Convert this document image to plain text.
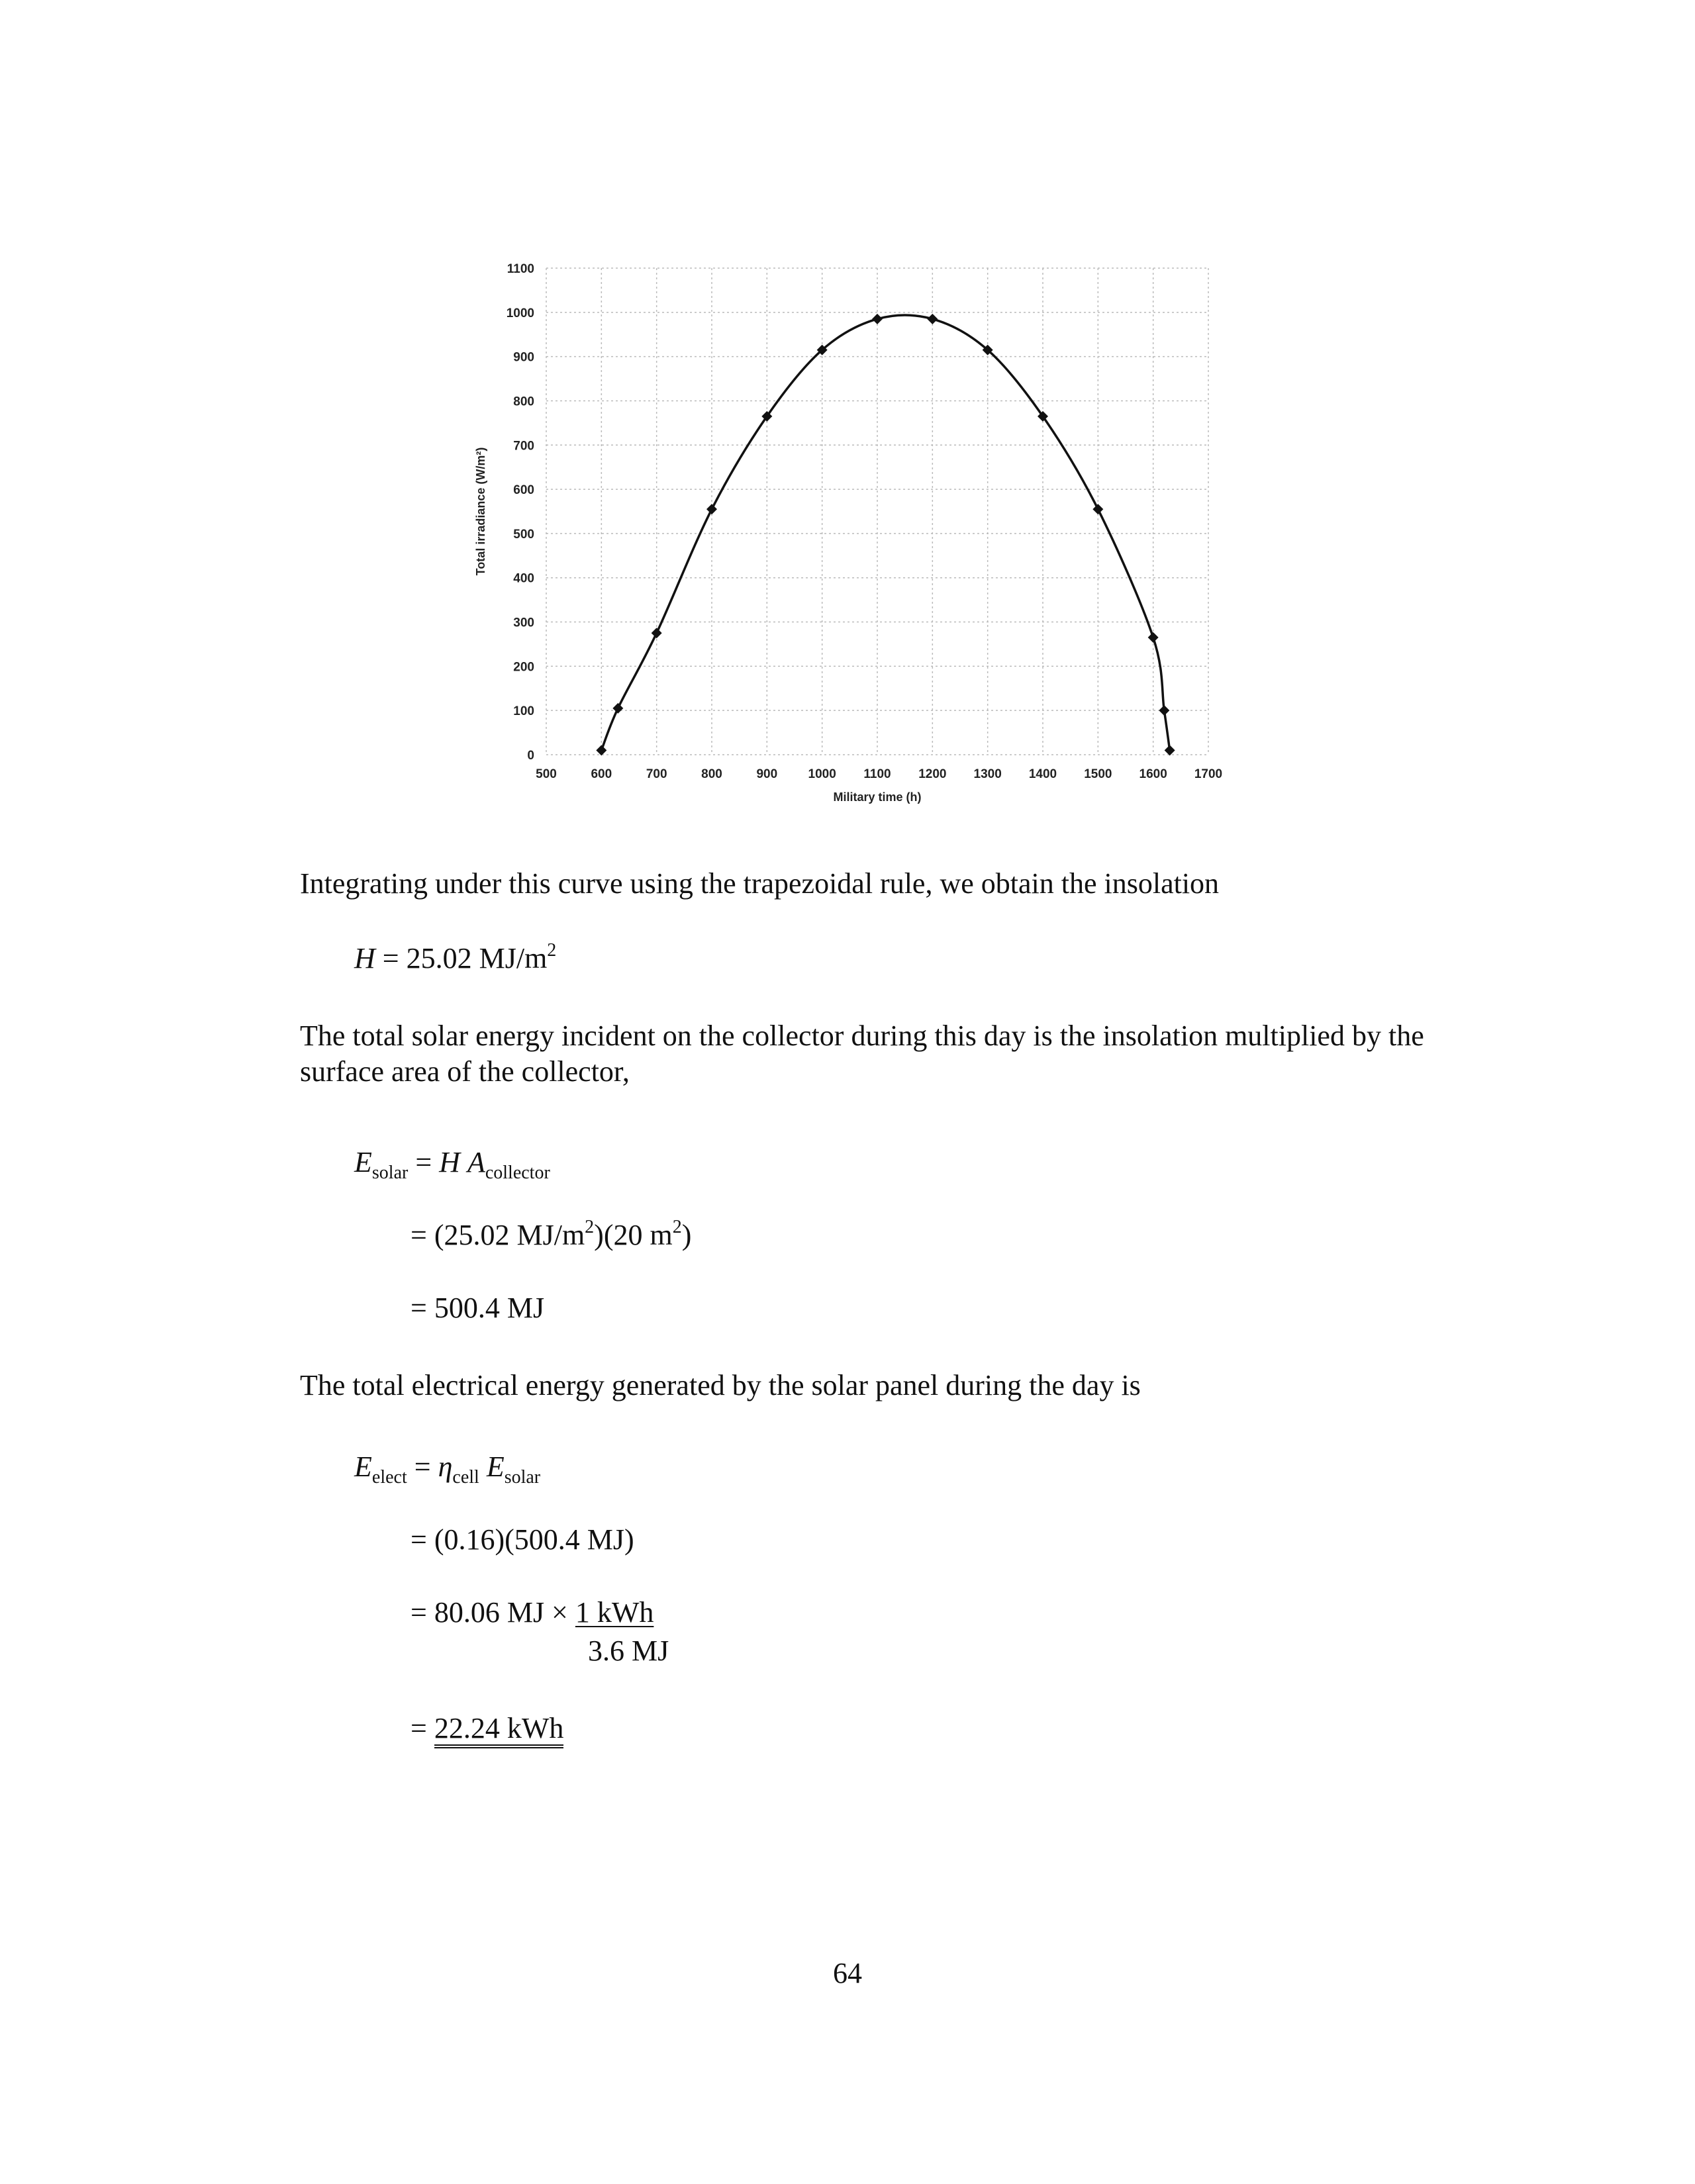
0
100
200
300
400
500
600
700
800
900
1000
1100
500	600	700	800	900 1000 1100 1200 1300 1400 1500 1600 1700
Military time (h)
Total irradiance (W/m²)
Integrating under this curve using the trapezoidal rule, we obtain the insolation
H = 25.02 $MJ/m^2$
The total solar energy incident on the collector during this day is the insolation multiplied by the surface area of the collector,
$E_{solar} = H$ $A_{collector}$
= (25.02 $MJ/m^2)(20$ $m^2$)
= 500.4 MJ
The total electrical energy generated by the solar panel during the day is
$E_{elect} = \eta_{cell}$ $E_{solar}$
= (0.16)(500.4 MJ)
= 80.06 MJ × 1 kWh
3.6 MJ
= 22.24 kWh
64
